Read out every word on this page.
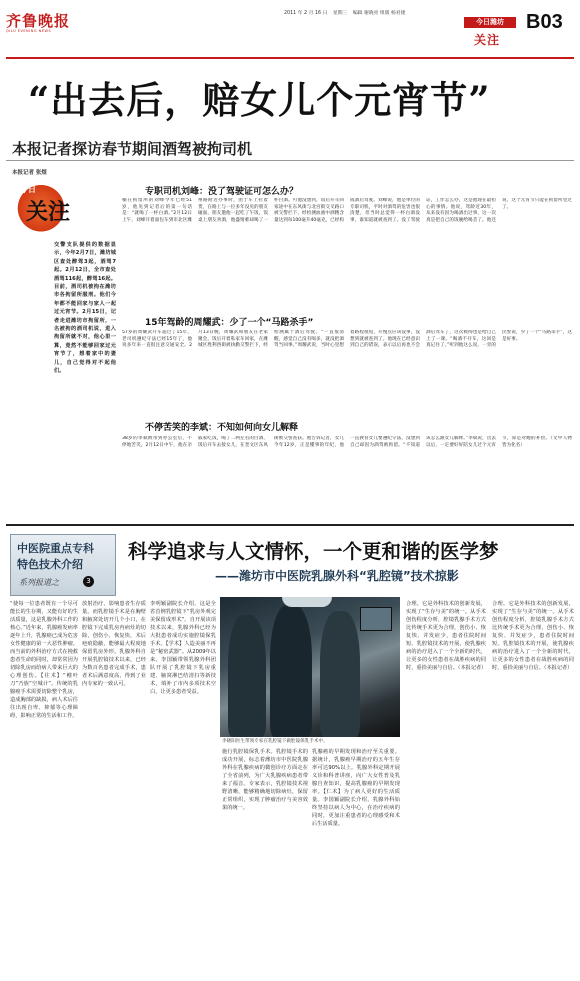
齐鲁晚报
QILU EVENING NEWS
2011 年 2 月 16 日 星期三 编辑 谢晓亮 组版 杨君捷
今日潍坊
关注
B03
“出去后，赔女儿个元宵节”
本报记者探访春节期间酒驾被拘司机
本报记者 张煜
今日
关注
交警支队提供的数据显示，今年2月7日，潍坊城区查处醉驾3起，酒驾7起。2月12日，全市查处酒驾116起，醉驾16起。目前，酒司机被拘在潍坊市各拘留所服刑。他们今年都不能回家与家人一起过元宵节。2月15日，记者走进潍坊市拘留所，一名被拘的酒司机说，进入拘留所就不对，他心里一算，竟然不能够回家过元宵节了，想着家中的妻儿，自己觉得对不起他们。
专职司机刘峰：没了驾驶证可怎么办？
躺在拘留所的刘峰今年已经51岁，他见到记者后的第一句话是：“就喝了一杯白酒。”2月12日上午，刘峰开着面包车到市北区潍州路附近办事时，由于车上拉着货，在路上与一位多年没见的朋友碰面，朋友邀他一起吃了午饭，饭桌上朋友劝酒，他盛情难却喝了一杯白酒。可他没想到，饭后开车回家途中在东风街与北宫街交叉路口被交警拦下，经检测血液中酒精含量达到每100毫升40毫克，已经构成酒后驾驶。刘峰说，他是单位的专职司机，平时对酒驾的危害也很清楚，但当时总觉得一杯白酒没事，谁知道就被查到了。没了驾驶证，工作怎么办，这是他现在最担心的事情。他说，驾龄近30年，从来没有因为喝酒出过事，这一次真是把自己的饭碗给喝丢了。他还说，这个元宵节只能在拘留所里过了。
15年驾龄的周耀武：少了一个“马路杀手”
57岁的周耀武开车超过了15年，老司机遵纪守法已经15年了，他说多年来一直很注意交通安全。2月13日晚，周耀武和朋友在老家聚会，饭后开着私家车回家，在潍城区胜利西街被执勤交警拦下，经检测属于酒后驾驶。“一直很清醒，感觉自己没有喝多，就没把酒驾当回事。”周耀武说，当时心里想着路程很短，开慢点应该没事，没想到就被查到了。他现在已经意识到自己的错误，表示以后再也不会酒后驾车了，这次被拘也是给自己上了一课。“喝酒不开车，这回是真记住了。”听到他这么说，一旁的民警说，少了一个“马路杀手”，这是好事。
不停苦笑的李斌：不知如何向女儿解释
38岁的李斌被带到办公室后，不停地苦笑。2月12日中午，他在亲戚家吃饭，喝了二两左右的白酒，饭后开车去接女儿，在奎文区东风街被交警查获。他告诉记者，女儿今年12岁，正是懂事的年纪，他一直教育女儿要遵纪守法，没想到自己却因为酒驾被拘留。“不知道该怎么跟女儿解释。”李斌说，出去以后，一定要好好陪女儿过个元宵节，算是对她的补偿。（文中人物皆为化名）
中医院重点专科
特色技术介绍
系列报道之	3
科学追求与人文情怀，一个更和谐的医学梦
——潍坊市中医院乳腺外科“乳腔镜”技术掠影
李晓阳医生带领专家在乳腔镜下做腔镜保乳手术中。
“使每一位患者既有一个尽可能长的生存期，又能有好的生活质量，这是乳腺外科工作的核心。”近年来，乳腺癌发病率逐年上升，乳腺癌已成为危害女性健康的第一大恶性肿瘤。而当前的外科治疗方式在挽救患者生命的同时，却常常因为切除乳房而给病人带来巨大的心理创伤。【往术】“鳝叶刀”乃族“空城计”。传统的乳腺癌手术需要切除整个乳房，造成胸部的缺损，病人术后往往出现自卑、抑郁等心理障碍，影响正常的生活和工作。
放射治疗，影响患者生存质量。而乳腔镜手术是在胸壁和腋窝处切开几个小口，在腔镜下完成乳房内病灶的切除，创伤小，恢复快，术后疤痕隐蔽，能够最大程度地保留乳房外形。乳腺外科自开展乳腔镜技术以来，已经为数百名患者完成手术，患者术后满意度高，得到了业内专家的一致认可。
李明颖副院长介绍，这是全省首例乳腔镜下“乳房外观完美保留成形术”。自开展该项技术以来，乳腺外科已经为大批患者成功实施腔镜保乳手术。【学术】人造美丽不再是“秘密武器”。从2009年以来，李国颖带领乳腺外科团队开展了乳腔镜下乳房重建、腋窝淋巴结清扫等新技术，填补了市内多项技术空白，让更多患者受益。
施行乳腔镜保乳手术。乳腔镜手术的成功开展，标志着潍坊市中医院乳腺外科在乳腺疾病的微创诊疗方面走在了全省前列，为广大乳腺疾病患者带来了福音。专家表示，乳腔镜技术视野清晰，能够精确地切除病灶，保留正常组织，实现了肿瘤治疗与美容效果的统一。
乳腺癌的早期发现和治疗至关重要。据统计，乳腺癌早期治疗的五年生存率可达90%以上。乳腺外科定期开展义诊和科普讲座，向广大女性普及乳腺自查知识，提高乳腺癌的早期发现率。【仁术】为了病人更好的生活质量。李国颖副院长介绍，乳腺外科始终坚持以病人为中心，在治疗疾病的同时，更加注重患者的心理感受和术后生活质量。
合理。它是外科技术的创新发展，实现了“生存与美”的统一。从手术创伤程度分析，腔镜乳腺手术方式比传统手术更为合理，创伤小、恢复快、并发症少，患者住院时间短。乳腔镜技术的开展，使乳腺疾病的治疗进入了一个全新的时代，让更多的女性患者在战胜疾病的同时，重拾美丽与自信。（本报记者）
合理。它是外科技术的创新发展，实现了“生存与美”的统一。从手术创伤程度分析，腔镜乳腺手术方式比传统手术更为合理，创伤小、恢复快、并发症少，患者住院时间短。乳腔镜技术的开展，使乳腺疾病的治疗进入了一个全新的时代，让更多的女性患者在战胜疾病的同时，重拾美丽与自信。（本报记者）
